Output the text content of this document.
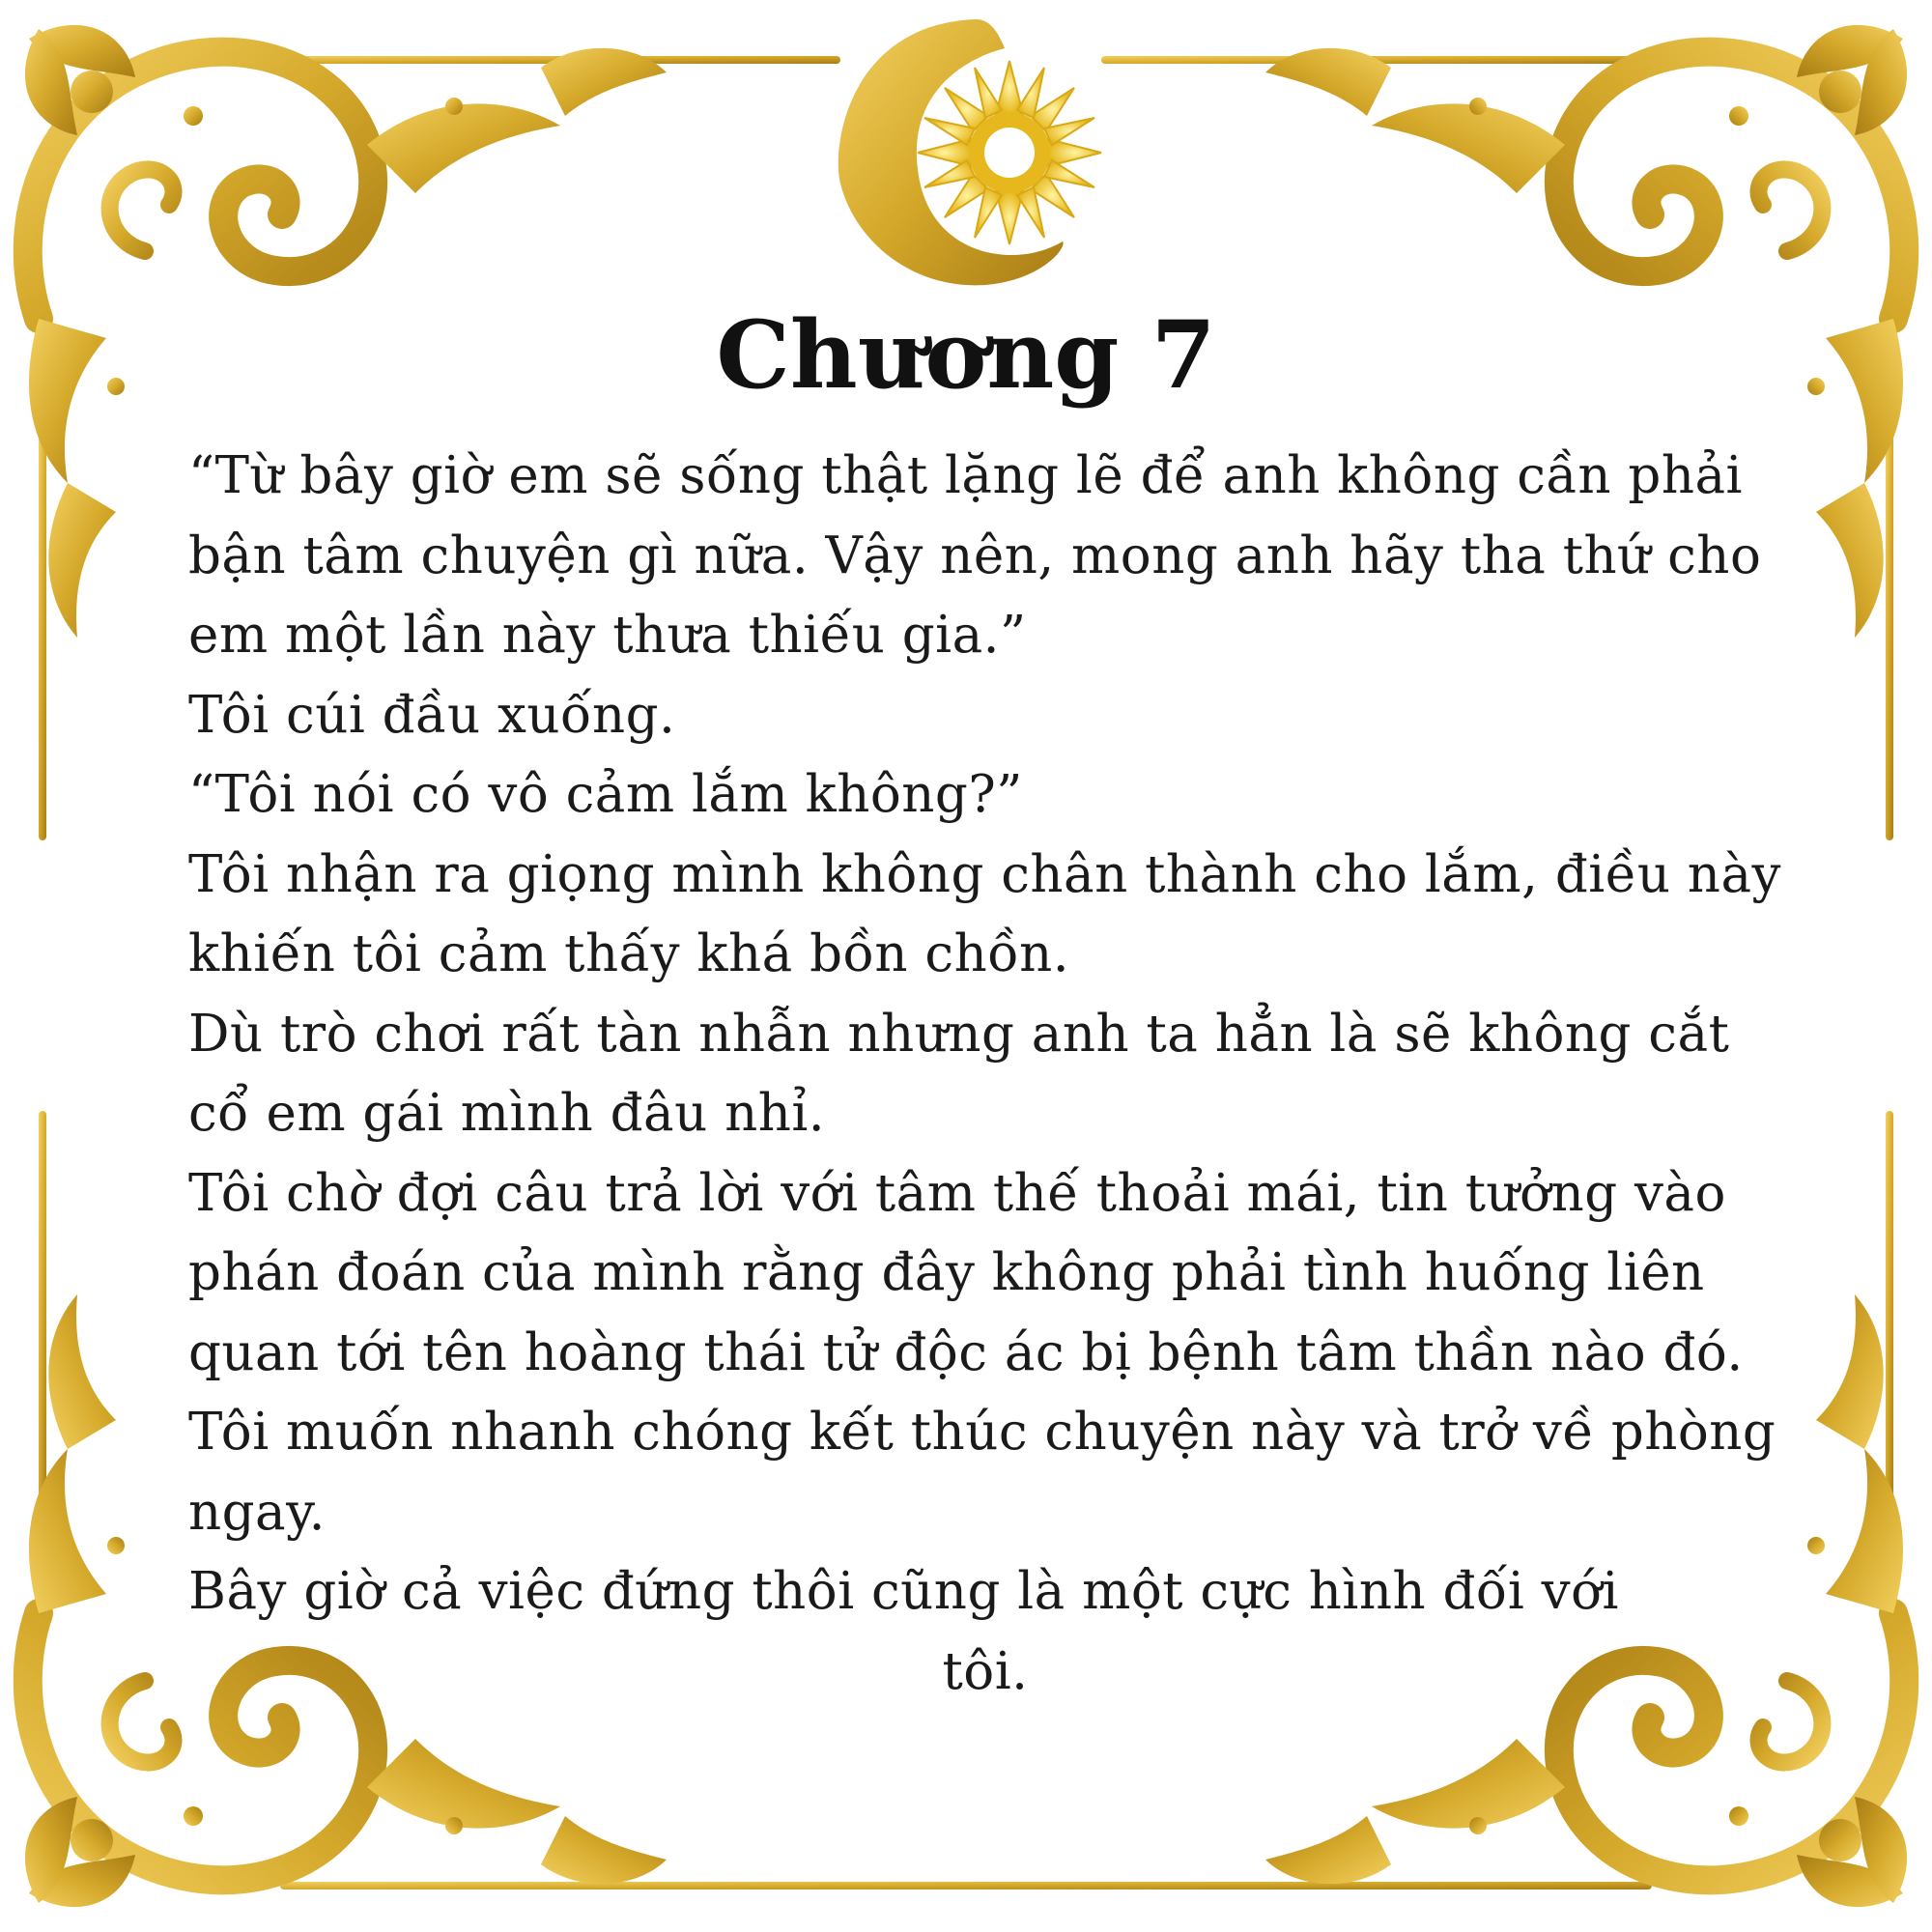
Chương 7

“Từ bây giờ em sẽ sống thật lặng lẽ để anh không cần phải bận tâm chuyện gì nữa. Vậy nên, mong anh hãy tha thứ cho em một lần này thưa thiếu gia.”

Tôi cúi đầu xuống.

“Tôi nói có vô cảm lắm không?”

Tôi nhận ra giọng mình không chân thành cho lắm, điều này khiến tôi cảm thấy khá bồn chồn.

Dù trò chơi rất tàn nhẫn nhưng anh ta hẳn là sẽ không cắt cổ em gái mình đâu nhỉ.

Tôi chờ đợi câu trả lời với tâm thế thoải mái, tin tưởng vào phán đoán của mình rằng đây không phải tình huống liên quan tới tên hoàng thái tử độc ác bị bệnh tâm thần nào đó.

Tôi muốn nhanh chóng kết thúc chuyện này và trở về phòng ngay.

Bây giờ cả việc đứng thôi cũng là một cực hình đối với

tôi.
